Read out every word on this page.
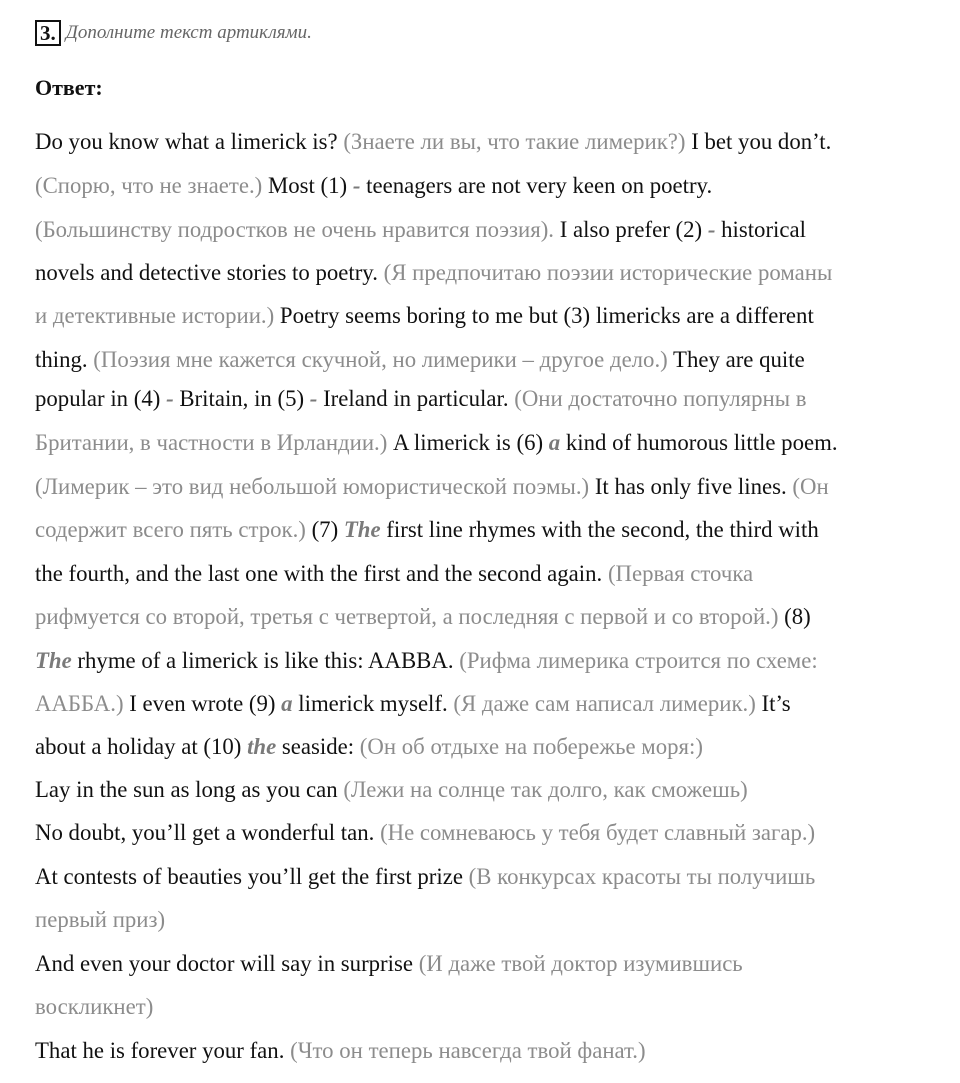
3. Дополните текст артиклями.
Ответ:
Do you know what a limerick is? (Знаете ли вы, что такие лимерик?) I bet you don’t.
(Спорю, что не знаете.) Most (1) - teenagers are not very keen on poetry.
(Большинству подростков не очень нравится поэзия). I also prefer (2) - historical
novels and detective stories to poetry. (Я предпочитаю поэзии исторические романы
и детективные истории.) Poetry seems boring to me but (3) limericks are a different
thing. (Поэзия мне кажется скучной, но лимерики – другое дело.) They are quite
popular in (4) - Britain, in (5) - Ireland in particular. (Они достаточно популярны в
Британии, в частности в Ирландии.) A limerick is (6) a kind of humorous little poem.
(Лимерик – это вид небольшой юмористической поэмы.) It has only five lines. (Он
содержит всего пять строк.) (7) The first line rhymes with the second, the third with
the fourth, and the last one with the first and the second again. (Первая сточка
рифмуется со второй, третья с четвертой, а последняя с первой и со второй.) (8)
The rhyme of a limerick is like this: AABBA. (Рифма лимерика строится по схеме:
ААББА.) I even wrote (9) a limerick myself. (Я даже сам написал лимерик.) It’s
about a holiday at (10) the seaside: (Он об отдыхе на побережье моря:)
Lay in the sun as long as you can (Лежи на солнце так долго, как сможешь)
No doubt, you’ll get a wonderful tan. (Не сомневаюсь у тебя будет славный загар.)
At contests of beauties you’ll get the first prize (В конкурсах красоты ты получишь
первый приз)
And even your doctor will say in surprise (И даже твой доктор изумившись
воскликнет)
That he is forever your fan. (Что он теперь навсегда твой фанат.)
